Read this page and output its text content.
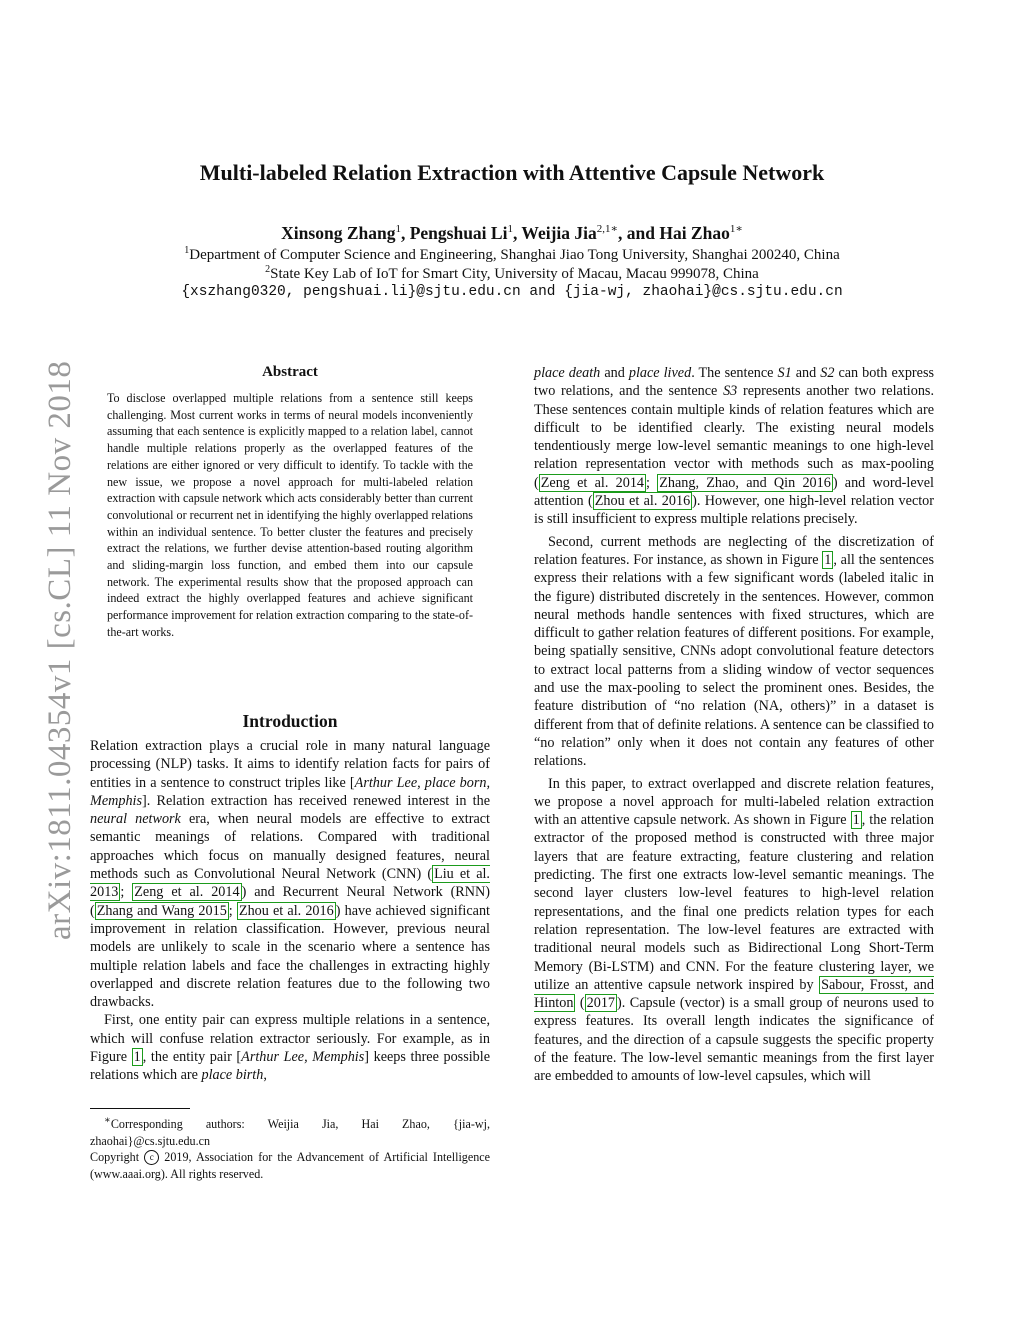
arXiv:1811.04354v1 [cs.CL] 11 Nov 2018
Multi-labeled Relation Extraction with Attentive Capsule Network
Xinsong Zhang$^1$, Pengshuai Li$^1$, Weijia Jia$^{2,1∗}$, and Hai Zhao$^{1∗}$
$^1$Department of Computer Science and Engineering, Shanghai Jiao Tong University, Shanghai 200240, China
$^2$State Key Lab of IoT for Smart City, University of Macau, Macau 999078, China
{xszhang0320, pengshuai.li}@sjtu.edu.cn and {jia-wj, zhaohai}@cs.sjtu.edu.cn
Abstract

To disclose overlapped multiple relations from a sentence still keeps challenging. Most current works in terms of neural models inconveniently assuming that each sentence is explicitly mapped to a relation label, cannot handle multiple relations properly as the overlapped features of the relations are either ignored or very difficult to identify. To tackle with the new issue, we propose a novel approach for multi-labeled relation extraction with capsule network which acts considerably better than current convolutional or recurrent net in identifying the highly overlapped relations within an individual sentence. To better cluster the features and precisely extract the relations, we further devise attention-based routing algorithm and sliding-margin loss function, and embed them into our capsule network. The experimental results show that the proposed approach can indeed extract the highly overlapped features and achieve significant performance improvement for relation extraction comparing to the state-of-the-art works.

Introduction

Relation extraction plays a crucial role in many natural language processing (NLP) tasks. It aims to identify relation facts for pairs of entities in a sentence to construct triples like [Arthur Lee, place born, Memphis]. Relation extraction has received renewed interest in the neural network era, when neural models are effective to extract semantic meanings of relations. Compared with traditional approaches which focus on manually designed features, neural methods such as Convolutional Neural Network (CNN) ( Liu et al. 2013 ; Zeng et al. 2014 ) and Recurrent Neural Network (RNN) ( Zhang and Wang 2015 ; Zhou et al. 2016 ) have achieved significant improvement in relation classification. However, previous neural models are unlikely to scale in the scenario where a sentence has multiple relation labels and face the challenges in extracting highly overlapped and discrete relation features due to the following two drawbacks.

First, one entity pair can express multiple relations in a sentence, which will confuse relation extractor seriously. For example, as in Figure 1 , the entity pair [Arthur Lee, Memphis] keeps three possible relations which are place birth,

∗Corresponding authors: Weijia Jia, Hai Zhao, {jia-wj, zhaohai}@cs.sjtu.edu.cn

Copyright c 2019, Association for the Advancement of Artificial Intelligence (www.aaai.org). All rights reserved.

place death and place lived. The sentence S1 and S2 can both express two relations, and the sentence S3 represents another two relations. These sentences contain multiple kinds of relation features which are difficult to be identified clearly. The existing neural models tendentiously merge low-level semantic meanings to one high-level relation representation vector with methods such as max-pooling ( Zeng et al. 2014 ; Zhang, Zhao, and Qin 2016 ) and word-level attention ( Zhou et al. 2016 ). However, one high-level relation vector is still insufficient to express multiple relations precisely.

Second, current methods are neglecting of the discretization of relation features. For instance, as shown in Figure 1 , all the sentences express their relations with a few significant words (labeled italic in the figure) distributed discretely in the sentences. However, common neural methods handle sentences with fixed structures, which are difficult to gather relation features of different positions. For example, being spatially sensitive, CNNs adopt convolutional feature detectors to extract local patterns from a sliding window of vector sequences and use the max-pooling to select the prominent ones. Besides, the feature distribution of “no relation (NA, others)” in a dataset is different from that of definite relations. A sentence can be classified to “no relation” only when it does not contain any features of other relations.

In this paper, to extract overlapped and discrete relation features, we propose a novel approach for multi-labeled relation extraction with an attentive capsule network. As shown in Figure 1 , the relation extractor of the proposed method is constructed with three major layers that are feature extracting, feature clustering and relation predicting. The first one extracts low-level semantic meanings. The second layer clusters low-level features to high-level relation representations, and the final one predicts relation types for each relation representation. The low-level features are extracted with traditional neural models such as Bidirectional Long Short-Term Memory (Bi-LSTM) and CNN. For the feature clustering layer, we utilize an attentive capsule network inspired by Sabour, Frosst, and Hinton ( 2017 ). Capsule (vector) is a small group of neurons used to express features. Its overall length indicates the significance of features, and the direction of a capsule suggests the specific property of the feature. The low-level semantic meanings from the first layer are embedded to amounts of low-level capsules, which will
